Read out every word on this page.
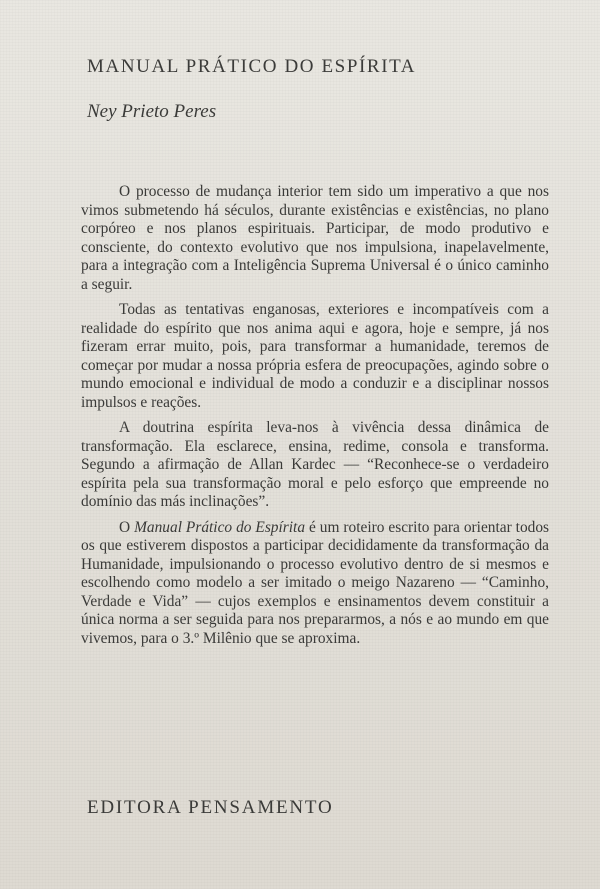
MANUAL PRÁTICO DO ESPÍRITA
Ney Prieto Peres

O processo de mudança interior tem sido um imperativo a que nos vimos submetendo há séculos, durante existências e existências, no plano corpóreo e nos planos espirituais. Participar, de modo produtivo e consciente, do contexto evolutivo que nos impulsiona, inapelavelmente, para a integração com a Inteligência Suprema Universal é o único caminho a seguir.

Todas as tentativas enganosas, exteriores e incompatíveis com a realidade do espírito que nos anima aqui e agora, hoje e sempre, já nos fizeram errar muito, pois, para transformar a humanidade, teremos de começar por mudar a nossa própria esfera de preocupações, agindo sobre o mundo emocional e individual de modo a conduzir e a disciplinar nossos impulsos e reações.

A doutrina espírita leva-nos à vivência dessa dinâmica de transformação. Ela esclarece, ensina, redime, consola e transforma. Segundo a afirmação de Allan Kardec — “Reconhece-se o verdadeiro espírita pela sua transformação moral e pelo esforço que empreende no domínio das más inclinações”.

O Manual Prático do Espírita é um roteiro escrito para orientar todos os que estiverem dispostos a participar decididamente da transformação da Humanidade, impulsionando o processo evolutivo dentro de si mesmos e escolhendo como modelo a ser imitado o meigo Nazareno — “Caminho, Verdade e Vida” — cujos exemplos e ensinamentos devem constituir a única norma a ser seguida para nos prepararmos, a nós e ao mundo em que vivemos, para o 3.º Milênio que se aproxima.

EDITORA PENSAMENTO
